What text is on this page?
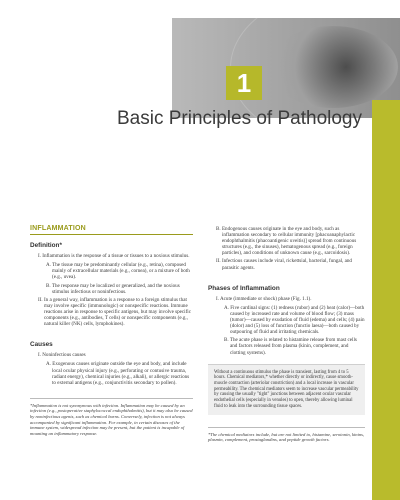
1
Basic Principles of Pathology
INFLAMMATION
Definition*
I. Inflammation is the response of a tissue or tissues to a noxious stimulus.
A. The tissue may be predominantly cellular (e.g., retina), composed mainly of extracellular materials (e.g., cornea), or a mixture of both (e.g., uvea).
B. The response may be localized or generalized, and the noxious stimulus infectious or noninfectious.
II. In a general way, inflammation is a response to a foreign stimulus that may involve specific (immunologic) or nonspecific reactions. Immune reactions arise in response to specific antigens, but may involve specific components (e.g., antibodies, T cells) or nonspecific components (e.g., natural killer (NK) cells, lymphokines).
Causes
I. Noninfectious causes
A. Exogenous causes originate outside the eye and body, and include local ocular physical injury (e.g., perforating or contusive trauma, radiant energy), chemical injuries (e.g., alkali), or allergic reactions to external antigens (e.g., conjunctivitis secondary to pollen).
*Inflammation is not synonymous with infection. Inflammation may be caused by an infection (e.g., postoperative staphylococcal endophthalmitis), but it may also be caused by noninfectious agents, such as chemical burns. Conversely, infection is not always accompanied by significant inflammation. For example, in certain diseases of the immune system, widespread infection may be present, but the patient is incapable of mounting an inflammatory response.
B. Endogenous causes originate in the eye and body, such as inflammation secondary to cellular immunity [phacoanaphylactic endophthalmitis (phacoantigenic uveitis)] spread from continuous structures (e.g., the sinuses), hematogenous spread (e.g., foreign particles), and conditions of unknown cause (e.g., sarcoidosis).
II. Infectious causes include viral, rickettsial, bacterial, fungal, and parasitic agents.
Phases of Inflammation
I. Acute (immediate or shock) phase (Fig. 1.1).
A. Five cardinal signs: (1) redness (rubor) and (2) heat (calor)—both caused by increased rate and volume of blood flow; (3) mass (tumor)—caused by exudation of fluid (edema) and cells; (4) pain (dolor) and (5) loss of function (functio laesa)—both caused by outpouring of fluid and irritating chemicals.
B. The acute phase is related to histamine release from mast cells and factors released from plasma (kinin, complement, and clotting systems).
Without a continuous stimulus the phase is transient, lasting from 4 to 5 hours. Chemical mediators,* whether directly or indirectly, cause smooth-muscle contraction (arteriolar constriction) and a local increase in vascular permeability. The chemical mediators seem to increase vascular permeability by causing the usually "tight" junctions between adjacent ocular vascular endothelial cells (especially in venules) to open, thereby allowing luminal fluid to leak into the surrounding tissue spaces.
*The chemical mediators include, but are not limited to, histamine, serotonin, kinins, plasmin, complement, prostaglandins, and peptide growth factors.
